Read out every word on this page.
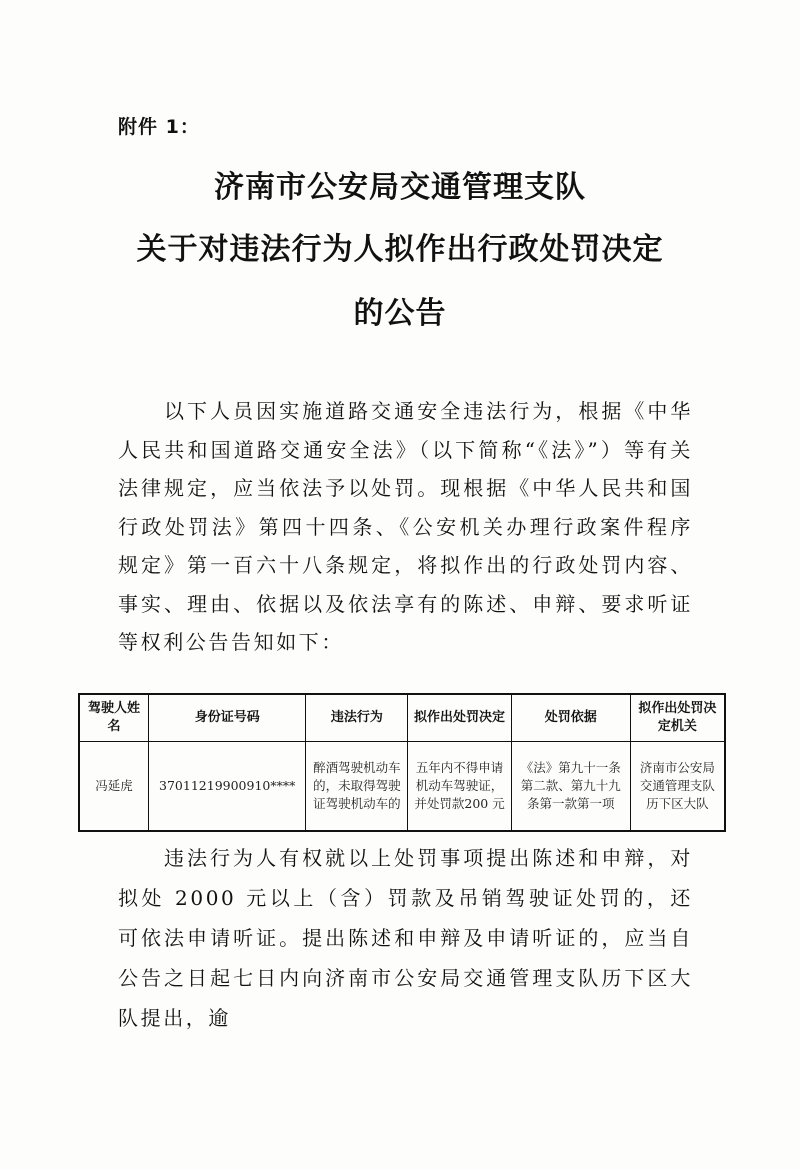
附件 1：
济南市公安局交通管理支队
关于对违法行为人拟作出行政处罚决定
的公告
以下人员因实施道路交通安全违法行为，根据《中华人民共和国道路交通安全法》（以下简称“《法》”）等有关法律规定，应当依法予以处罚。现根据《中华人民共和国行政处罚法》第四十四条、《公安机关办理行政案件程序规定》第一百六十八条规定，将拟作出的行政处罚内容、事实、理由、依据以及依法享有的陈述、申辩、要求听证等权利公告告知如下：
驾驶人姓名	身份证号码	违法行为	拟作出处罚决定	处罚依据	拟作出处罚决定机关
冯延虎	37011219900910****	醉酒驾驶机动车的，未取得驾驶证驾驶机动车的	五年内不得申请机动车驾驶证，并处罚款200 元	《法》第九十一条第二款、第九十九条第一款第一项	济南市公安局交通管理支队历下区大队
违法行为人有权就以上处罚事项提出陈述和申辩，对拟处 2000 元以上（含）罚款及吊销驾驶证处罚的，还可依法申请听证。提出陈述和申辩及申请听证的，应当自公告之日起七日内向济南市公安局交通管理支队历下区大队提出，逾
